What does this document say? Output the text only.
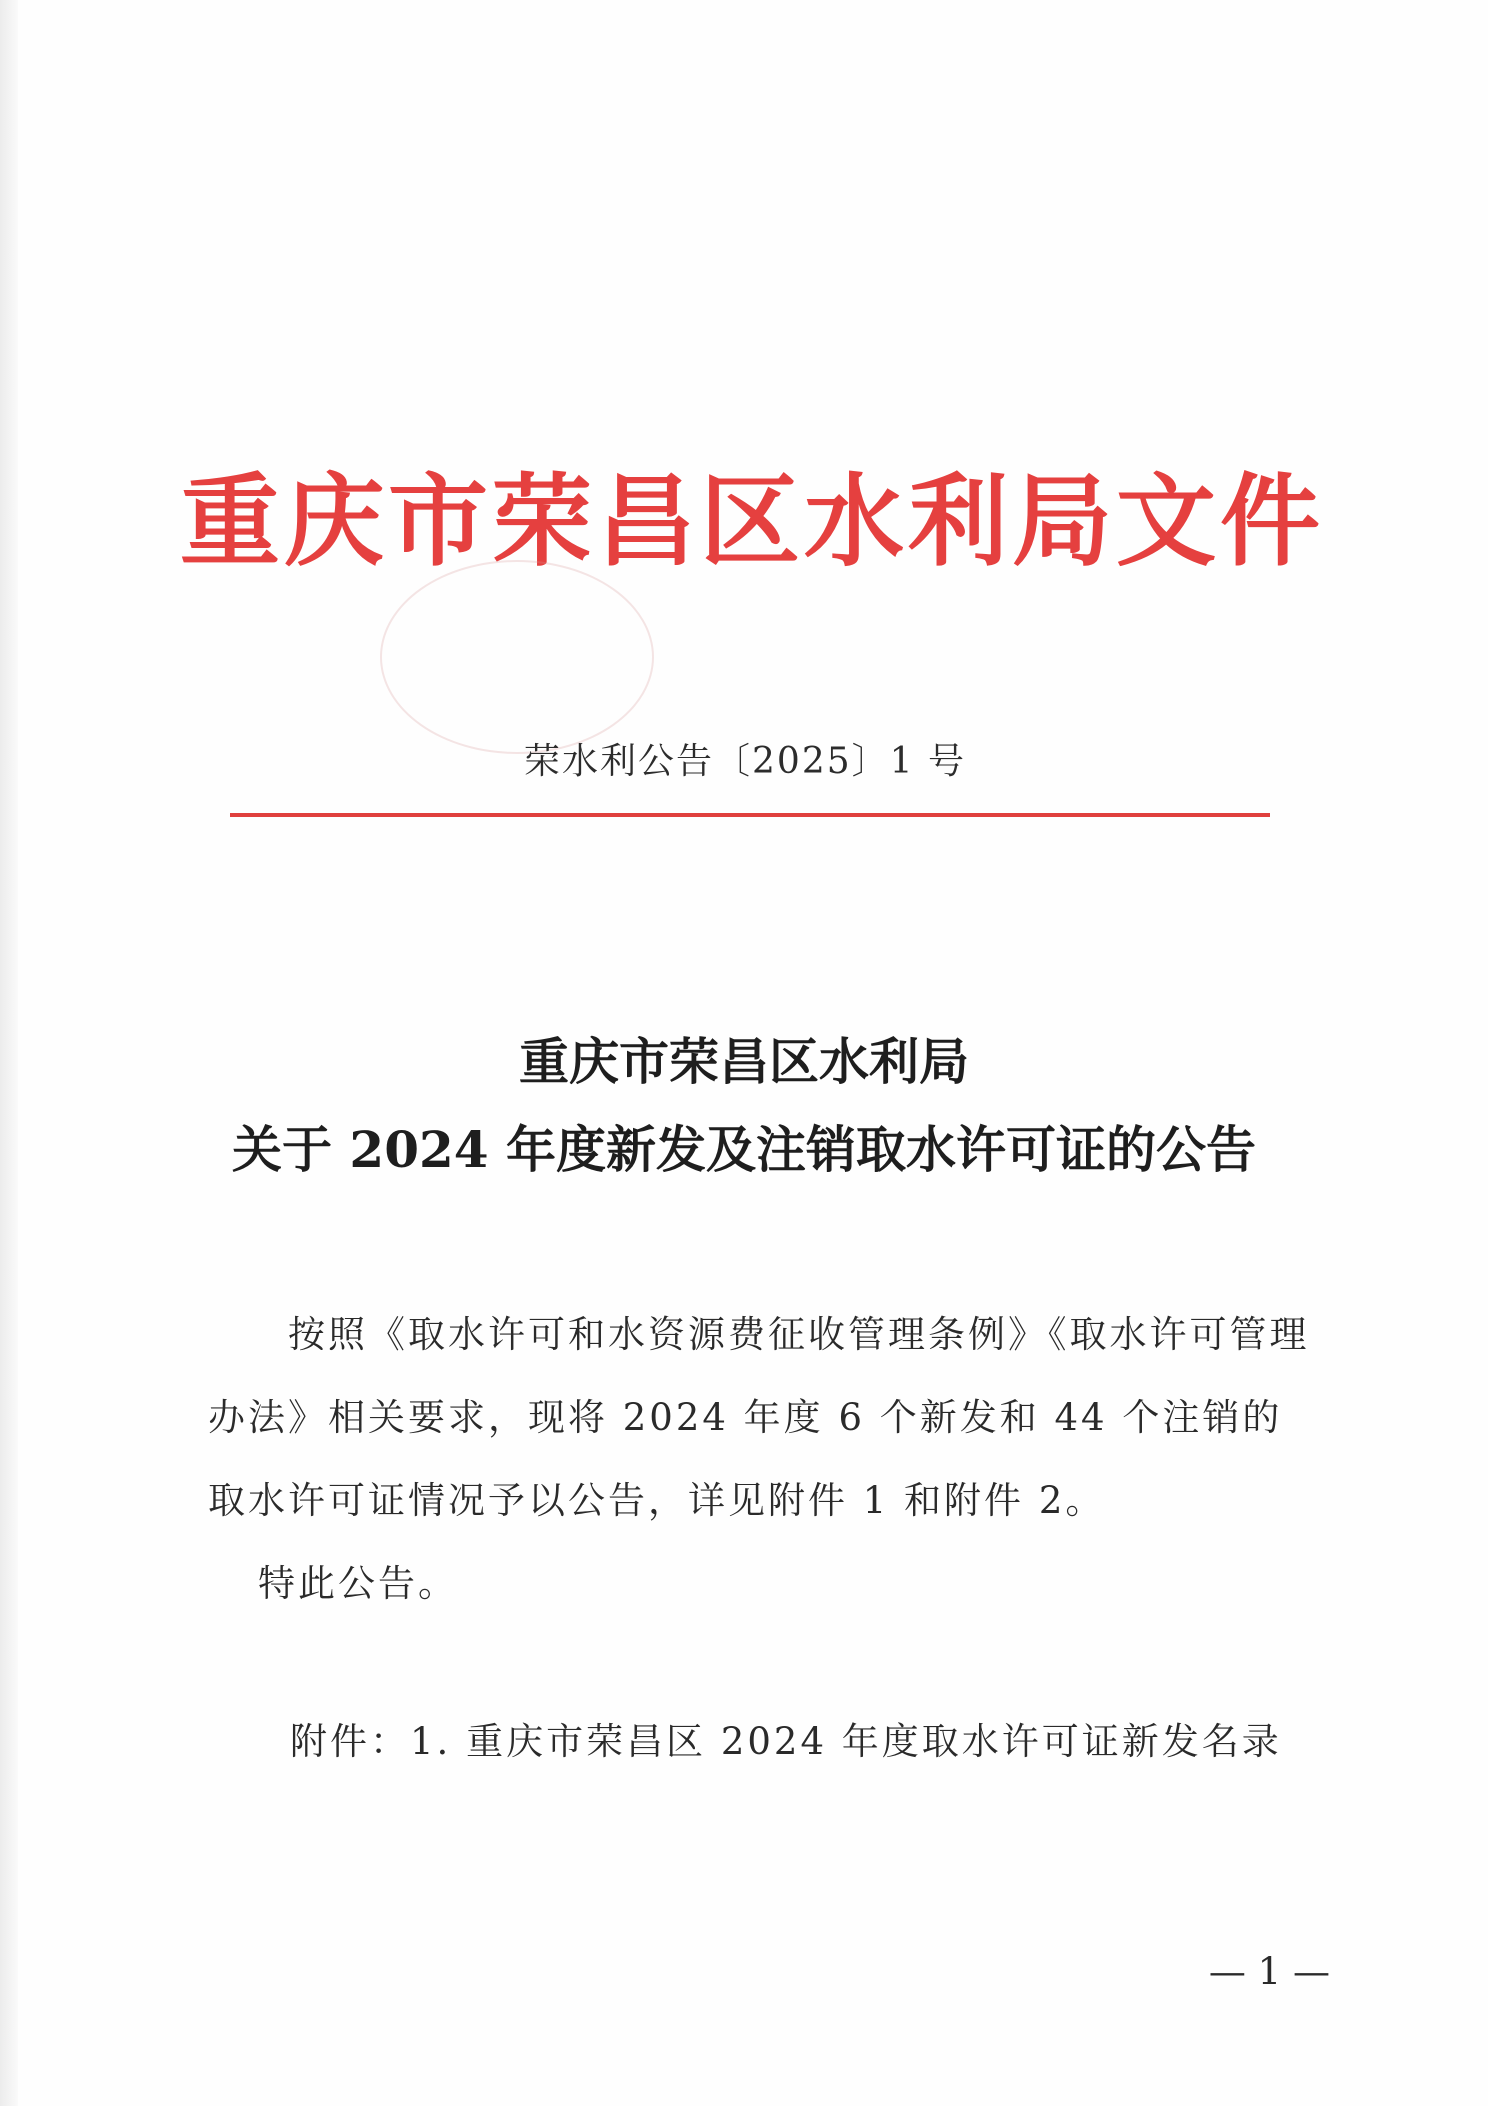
重庆市荣昌区水利局文件
荣水利公告〔2025〕1 号
重庆市荣昌区水利局
关于 2024 年度新发及注销取水许可证的公告

按照《取水许可和水资源费征收管理条例》《取水许可管理办法》相关要求，现将 2024 年度 6 个新发和 44 个注销的取水许可证情况予以公告，详见附件 1 和附件 2。

特此公告。

附件：1. 重庆市荣昌区 2024 年度取水许可证新发名录
— 1 —
